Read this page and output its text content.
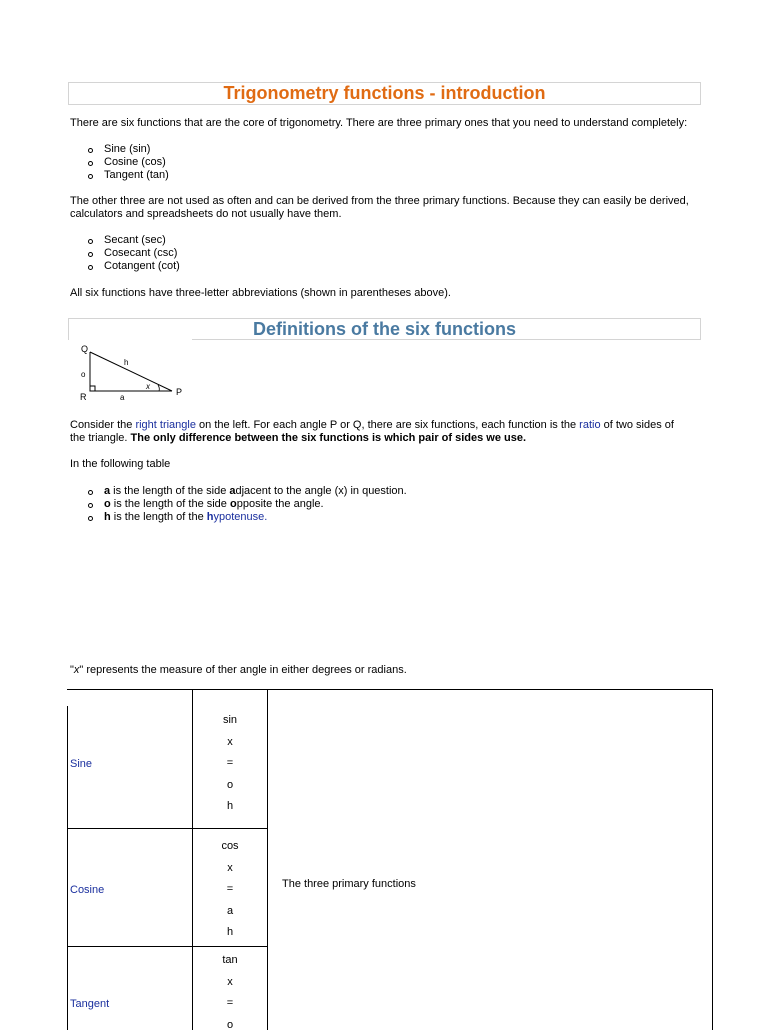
Trigonometry functions - introduction
There are six functions that are the core of trigonometry. There are three primary ones that you need to understand completely:
Sine (sin)
Cosine (cos)
Tangent (tan)
The other three are not used as often and can be derived from the three primary functions. Because they can easily be derived,
calculators and spreadsheets do not usually have them.
Secant (sec)
Cosecant (csc)
Cotangent (cot)
All six functions have three-letter abbreviations (shown in parentheses above).
Definitions of the six functions
Q
o
h
x
R	a
P
Consider the right triangle on the left. For each angle P or Q, there are six functions, each function is the ratio of two sides of
the triangle. The only difference between the six functions is which pair of sides we use.
In the following table
a is the length of the side adjacent to the angle (x) in question.
o is the length of the side opposite the angle.
h is the length of the hypotenuse.
"x" represents the measure of ther angle in either degrees or radians.
Sine
sin
x
=
o
h
Cosine
cos
x
=
a
h
Tangent
tan
x
=
o
The three primary functions
